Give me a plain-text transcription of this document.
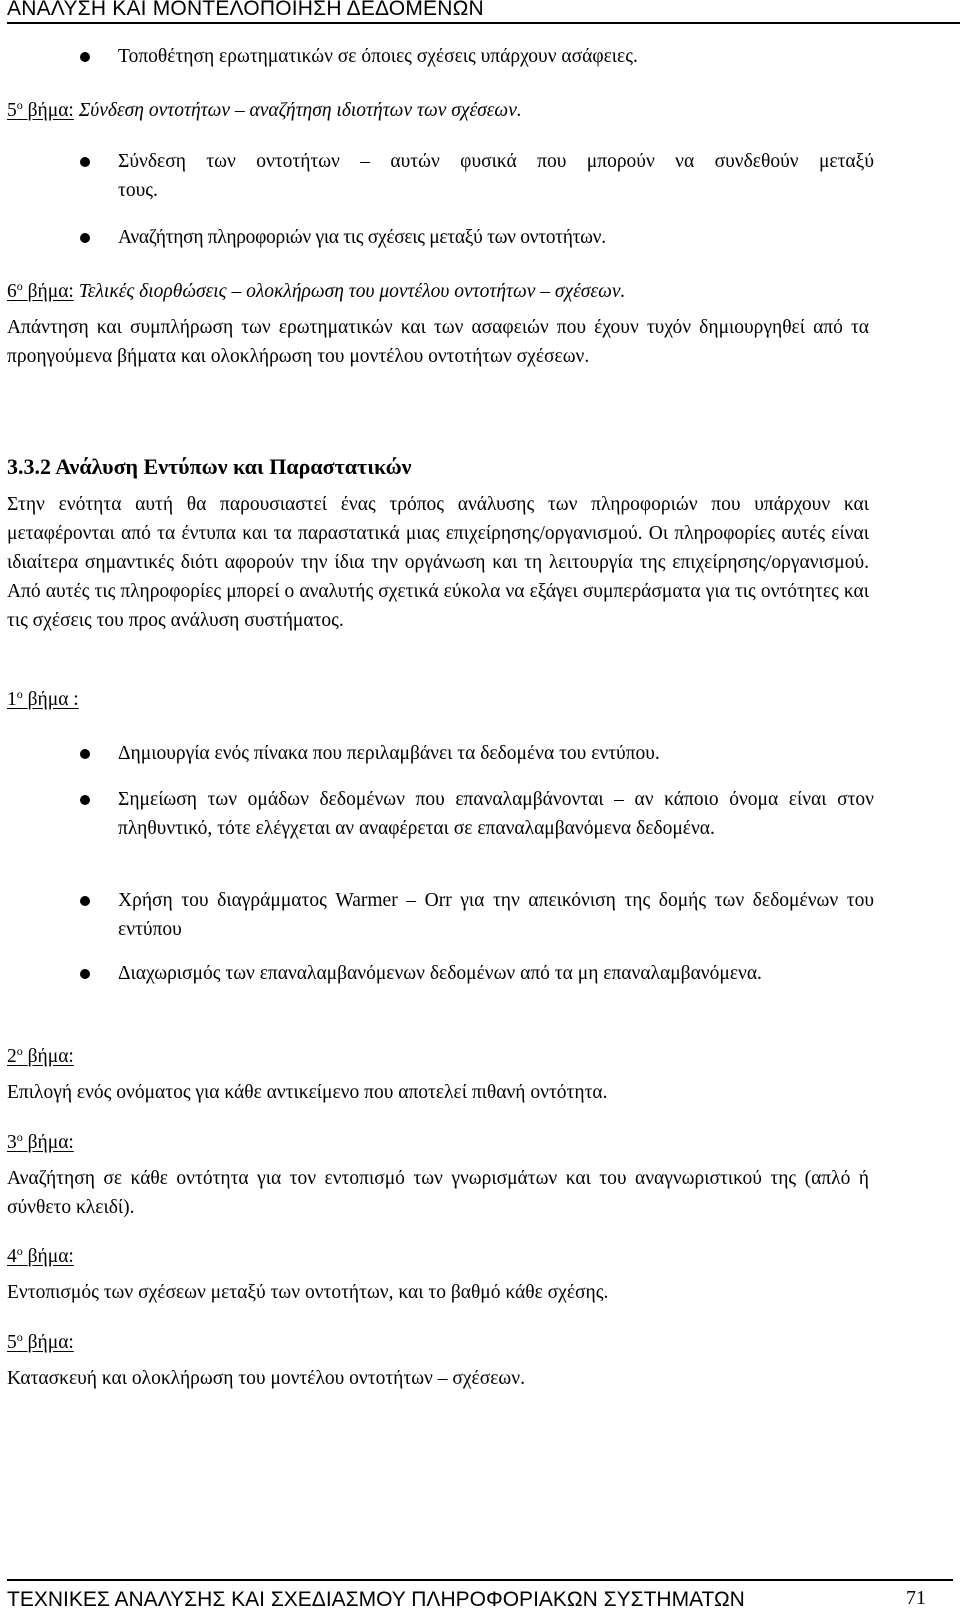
ΑΝΑΛΥΣΗ ΚΑΙ ΜΟΝΤΕΛΟΠΟΙΗΣΗ ΔΕΔΟΜΕΝΩΝ
Τοποθέτηση ερωτηματικών σε όποιες σχέσεις υπάρχουν ασάφειες.
$5^o$ βήμα: Σύνδεση οντοτήτων – αναζήτηση ιδιοτήτων των σχέσεων.
Σύνδεση των οντοτήτων – αυτών φυσικά που μπορούν να συνδεθούν μεταξύ
τους.
Αναζήτηση πληροφοριών για τις σχέσεις μεταξύ των οντοτήτων.
$6^o$ βήμα: Τελικές διορθώσεις – ολοκλήρωση του μοντέλου οντοτήτων – σχέσεων.
Απάντηση και συμπλήρωση των ερωτηματικών και των ασαφειών που έχουν τυχόν δημιουργηθεί από τα προηγούμενα βήματα και ολοκλήρωση του μοντέλου οντοτήτων σχέσεων.
3.3.2 Ανάλυση Εντύπων και Παραστατικών
Στην ενότητα αυτή θα παρουσιαστεί ένας τρόπος ανάλυσης των πληροφοριών που υπάρχουν και μεταφέρονται από τα έντυπα και τα παραστατικά μιας επιχείρησης/οργανισμού. Οι πληροφορίες αυτές είναι ιδιαίτερα σημαντικές διότι αφορούν την ίδια την οργάνωση και τη λειτουργία της επιχείρησης/οργανισμού. Από αυτές τις πληροφορίες μπορεί ο αναλυτής σχετικά εύκολα να εξάγει συμπεράσματα για τις οντότητες και τις σχέσεις του προς ανάλυση συστήματος.
$1^o$ βήμα :
Δημιουργία ενός πίνακα που περιλαμβάνει τα δεδομένα του εντύπου.
Σημείωση των ομάδων δεδομένων που επαναλαμβάνονται – αν κάποιο όνομα είναι στον πληθυντικό, τότε ελέγχεται αν αναφέρεται σε επαναλαμβανόμενα δεδομένα.
Χρήση του διαγράμματος Warmer – Orr για την απεικόνιση της δομής των δεδομένων του εντύπου
Διαχωρισμός των επαναλαμβανόμενων δεδομένων από τα μη επαναλαμβανόμενα.
$2^o$ βήμα:
Επιλογή ενός ονόματος για κάθε αντικείμενο που αποτελεί πιθανή οντότητα.
$3^o$ βήμα:
Αναζήτηση σε κάθε οντότητα για τον εντοπισμό των γνωρισμάτων και του αναγνωριστικού της (απλό ή σύνθετο κλειδί).
$4^o$ βήμα:
Εντοπισμός των σχέσεων μεταξύ των οντοτήτων, και το βαθμό κάθε σχέσης.
$5^o$ βήμα:
Κατασκευή και ολοκλήρωση του μοντέλου οντοτήτων – σχέσεων.
ΤΕΧΝΙΚΕΣ ΑΝΑΛΥΣΗΣ ΚΑΙ ΣΧΕΔΙΑΣΜΟΥ ΠΛΗΡΟΦΟΡΙΑΚΩΝ ΣΥΣΤΗΜΑΤΩΝ	71
